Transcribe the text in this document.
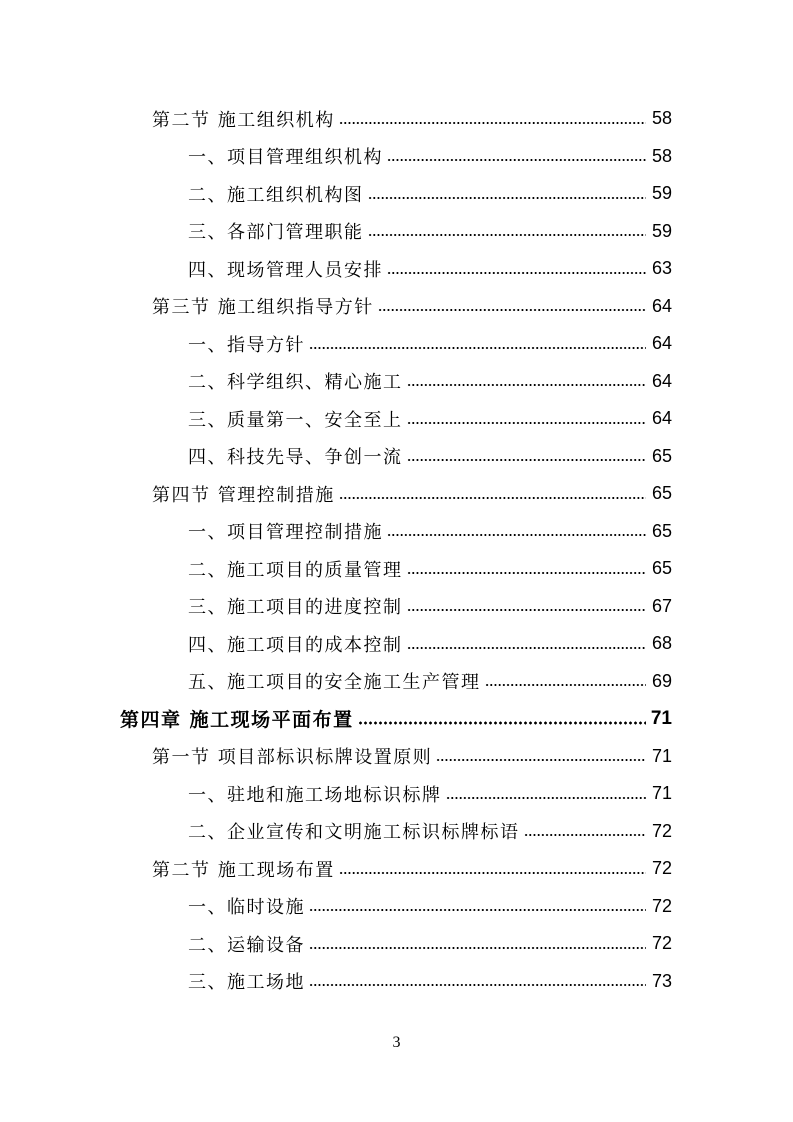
第二节 施工组织机构	58
一、项目管理组织机构	58
二、施工组织机构图	59
三、各部门管理职能	59
四、现场管理人员安排	63
第三节 施工组织指导方针	64
一、指导方针	64
二、科学组织、精心施工	64
三、质量第一、安全至上	64
四、科技先导、争创一流	65
第四节 管理控制措施	65
一、项目管理控制措施	65
二、施工项目的质量管理	65
三、施工项目的进度控制	67
四、施工项目的成本控制	68
五、施工项目的安全施工生产管理	69
第四章 施工现场平面布置	71
第一节 项目部标识标牌设置原则	71
一、驻地和施工场地标识标牌	71
二、企业宣传和文明施工标识标牌标语	72
第二节 施工现场布置	72
一、临时设施	72
二、运输设备	72
三、施工场地	73
3
